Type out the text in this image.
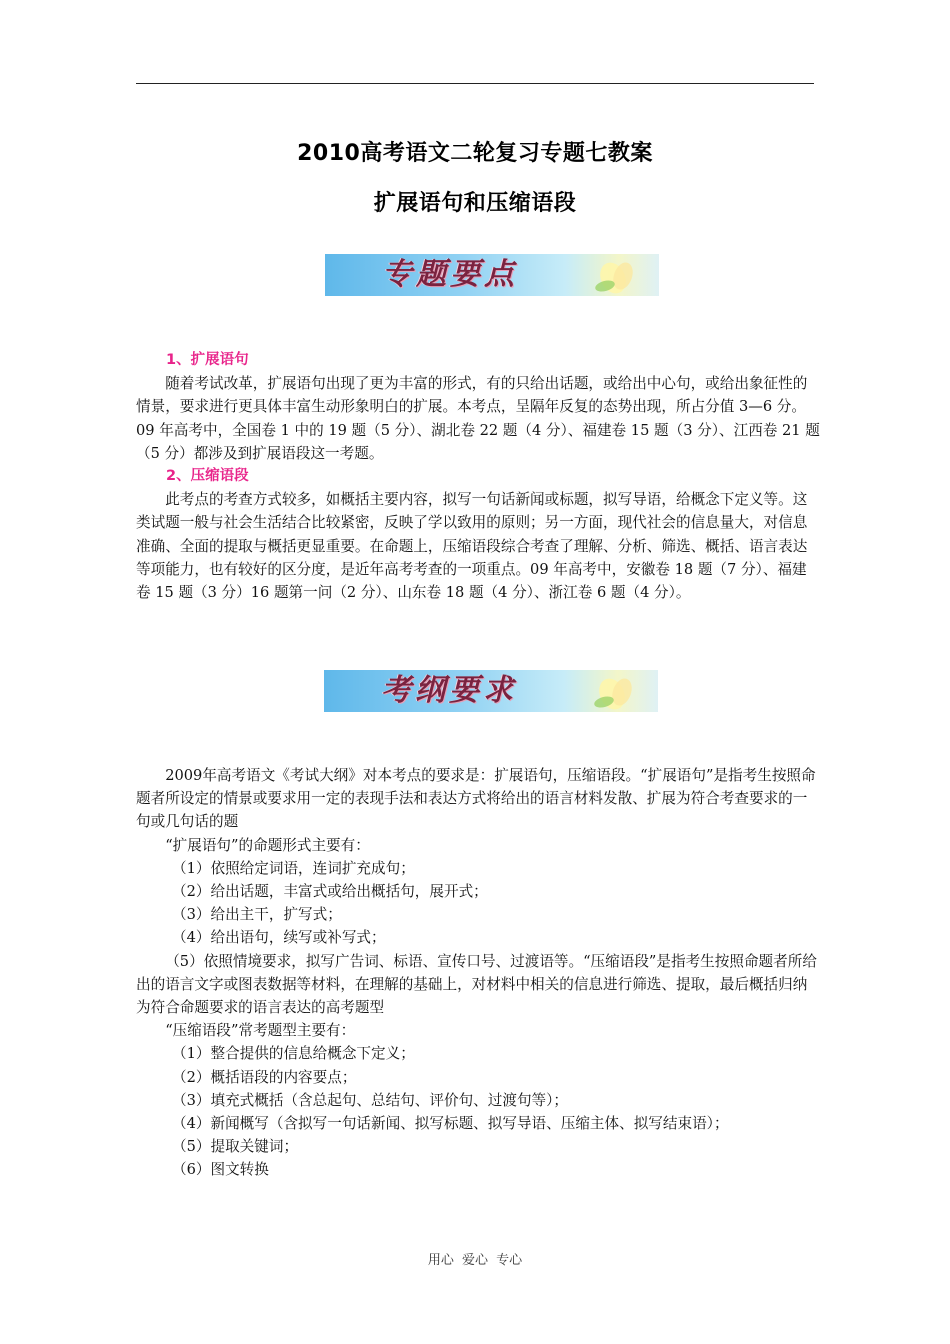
2010高考语文二轮复习专题七教案
扩展语句和压缩语段
专题要点

1、扩展语句

随着考试改革，扩展语句出现了更为丰富的形式，有的只给出话题，或给出中心句，或给出象征性的情景，要求进行更具体丰富生动形象明白的扩展。本考点，呈隔年反复的态势出现，所占分值 3—6 分。09 年高考中，全国卷 1 中的 19 题（5 分）、湖北卷 22 题（4 分）、福建卷 15 题（3 分）、江西卷 21 题（5 分）都涉及到扩展语段这一考题。

2、压缩语段

此考点的考查方式较多，如概括主要内容，拟写一句话新闻或标题，拟写导语，给概念下定义等。这类试题一般与社会生活结合比较紧密，反映了学以致用的原则；另一方面，现代社会的信息量大，对信息准确、全面的提取与概括更显重要。在命题上，压缩语段综合考查了理解、分析、筛选、概括、语言表达等项能力，也有较好的区分度，是近年高考考查的一项重点。09 年高考中，安徽卷 18 题（7 分）、福建卷 15 题（3 分）16 题第一问（2 分）、山东卷 18 题（4 分）、浙江卷 6 题（4 分）。

考纲要求

2009年高考语文《考试大纲》对本考点的要求是：扩展语句，压缩语段。“扩展语句”是指考生按照命题者所设定的情景或要求用一定的表现手法和表达方式将给出的语言材料发散、扩展为符合考查要求的一句或几句话的题

“扩展语句”的命题形式主要有：

（1）依照给定词语，连词扩充成句；

（2）给出话题，丰富式或给出概括句，展开式；

（3）给出主干，扩写式；

（4）给出语句，续写或补写式；

（5）依照情境要求，拟写广告词、标语、宣传口号、过渡语等。“压缩语段”是指考生按照命题者所给出的语言文字或图表数据等材料，在理解的基础上，对材料中相关的信息进行筛选、提取，最后概括归纳为符合命题要求的语言表达的高考题型

“压缩语段”常考题型主要有：

（1）整合提供的信息给概念下定义；

（2）概括语段的内容要点；

（3）填充式概括（含总起句、总结句、评价句、过渡句等）；

（4）新闻概写（含拟写一句话新闻、拟写标题、拟写导语、压缩主体、拟写结束语）；

（5）提取关键词；

（6）图文转换

用心 爱心 专心
